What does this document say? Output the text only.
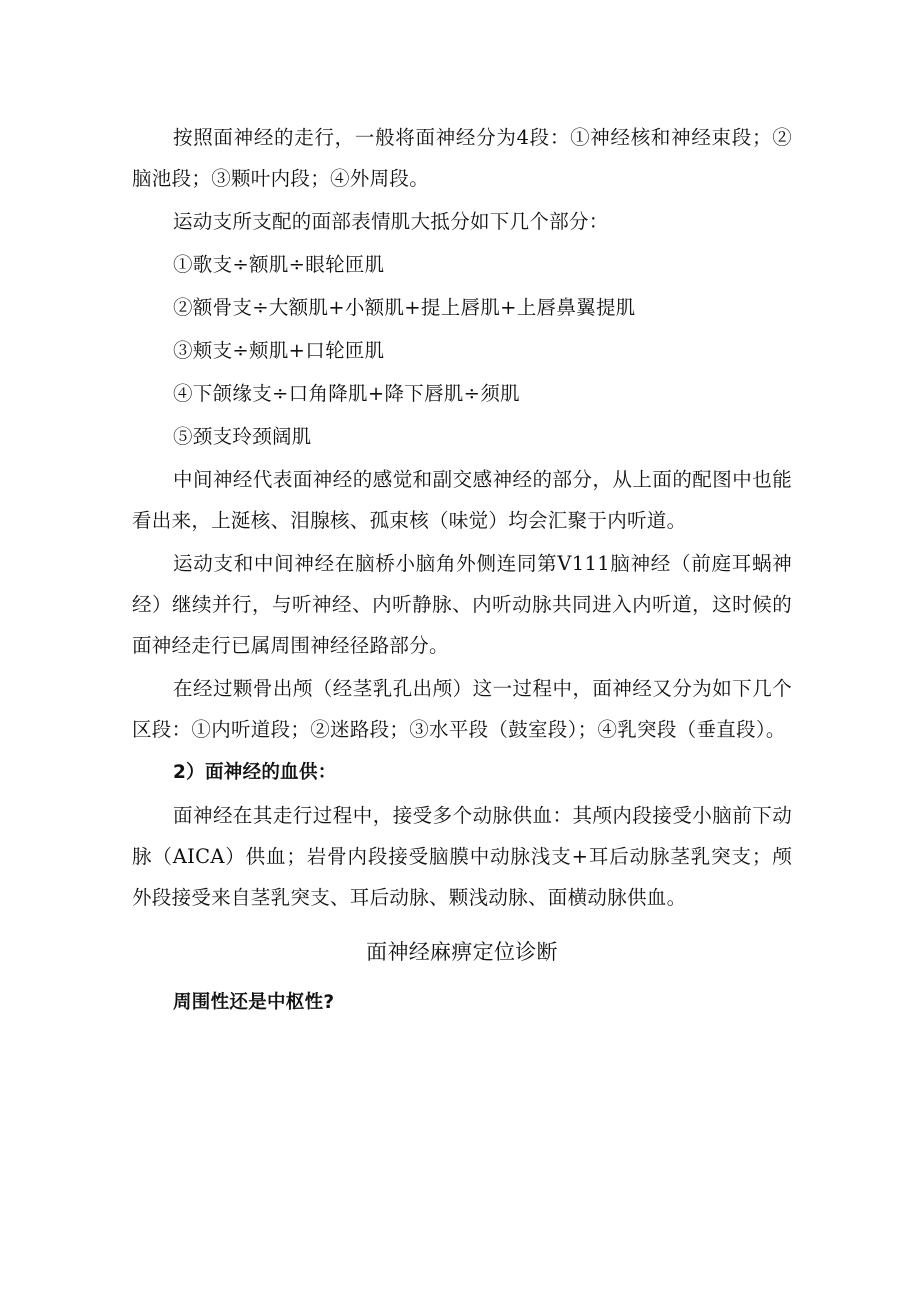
按照面神经的走行，一般将面神经分为4段：①神经核和神经束段；②脑池段；③颗叶内段；④外周段。

运动支所支配的面部表情肌大抵分如下几个部分：

①歌支÷额肌÷眼轮匝肌

②额骨支÷大额肌+小额肌+提上唇肌+上唇鼻翼提肌

③颊支÷颊肌+口轮匝肌

④下颌缘支÷口角降肌+降下唇肌÷须肌

⑤颈支玲颈阔肌

中间神经代表面神经的感觉和副交感神经的部分，从上面的配图中也能看出来，上涎核、泪腺核、孤束核（味觉）均会汇聚于内听道。

运动支和中间神经在脑桥小脑角外侧连同第V111脑神经（前庭耳蜗神经）继续并行，与听神经、内听静脉、内听动脉共同进入内听道，这时候的面神经走行已属周围神经径路部分。

在经过颗骨出颅（经茎乳孔出颅）这一过程中，面神经又分为如下几个区段：①内听道段；②迷路段；③水平段（鼓室段）；④乳突段（垂直段）。

2）面神经的血供：

面神经在其走行过程中，接受多个动脉供血：其颅内段接受小脑前下动脉（AICA）供血；岩骨内段接受脑膜中动脉浅支+耳后动脉茎乳突支；颅外段接受来自茎乳突支、耳后动脉、颗浅动脉、面横动脉供血。

面神经麻痹定位诊断

周围性还是中枢性?
